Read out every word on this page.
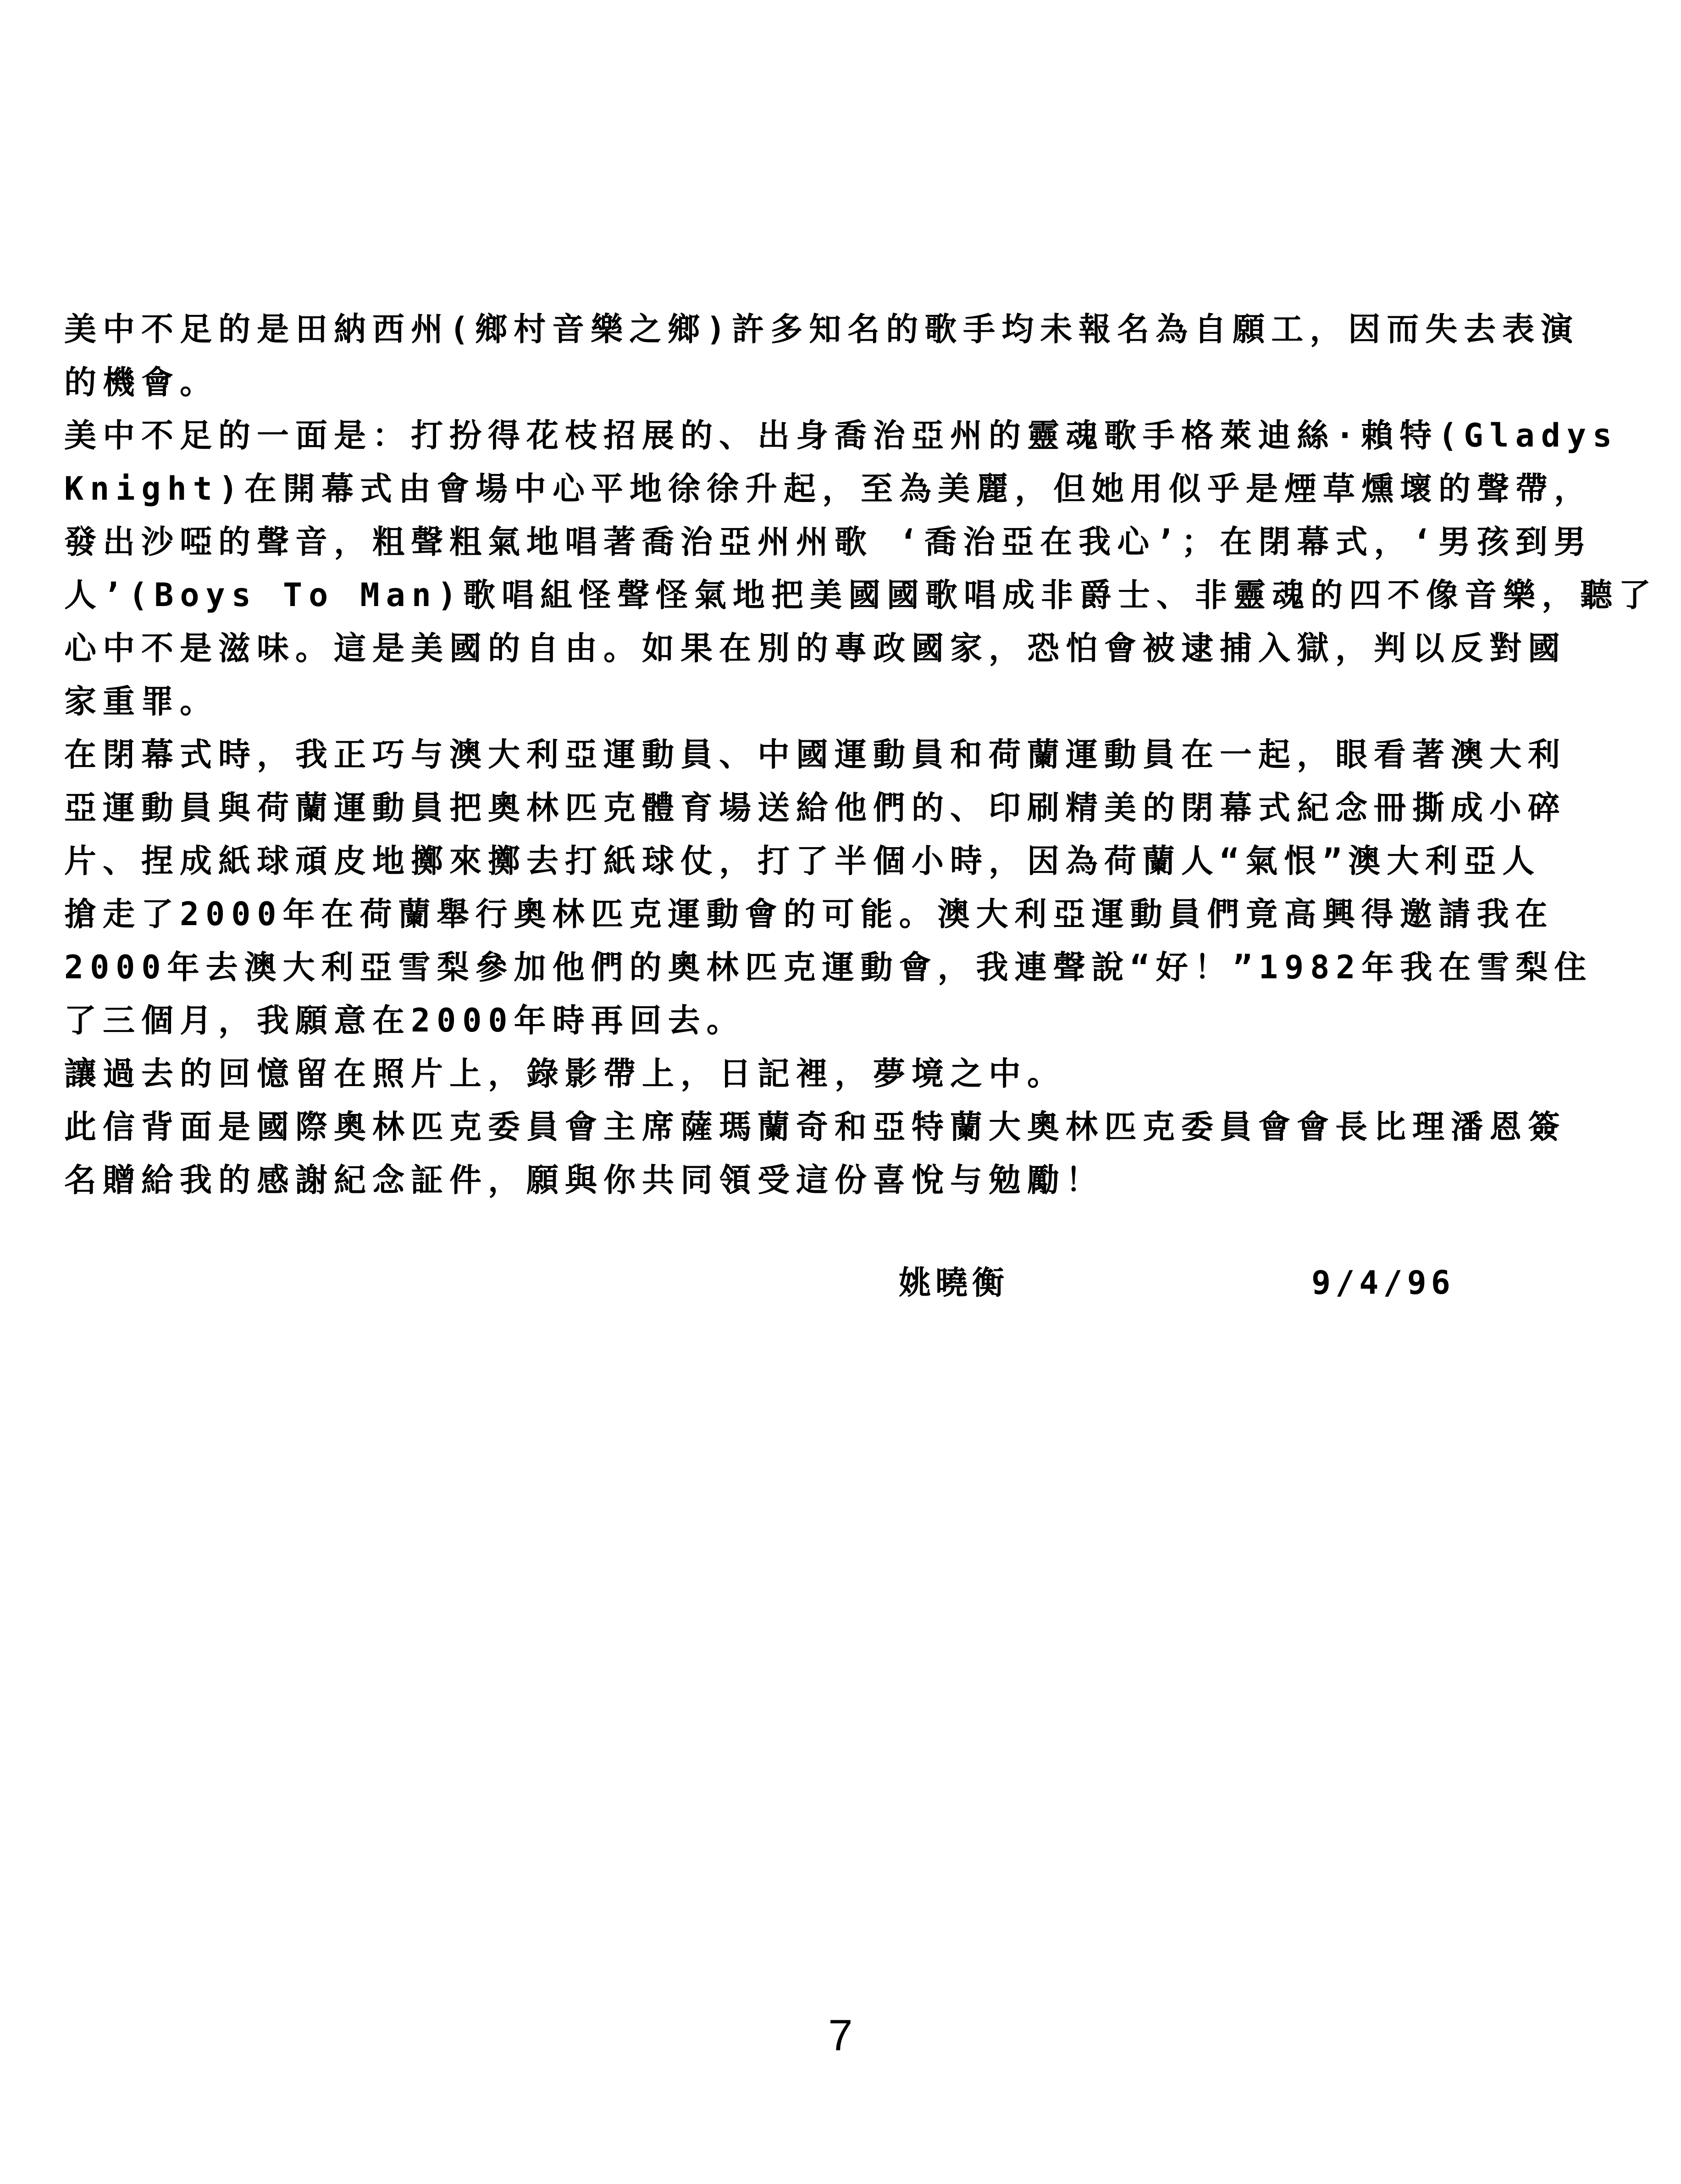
美中不足的是田納西州(鄉村音樂之鄉)許多知名的歌手均未報名為自願工，因而失去表演

的機會。

美中不足的一面是：打扮得花枝招展的、出身喬治亞州的靈魂歌手格萊迪絲·賴特(Gladys

Knight)在開幕式由會場中心平地徐徐升起，至為美麗，但她用似乎是煙草燻壞的聲帶，

發出沙啞的聲音，粗聲粗氣地唱著喬治亞州州歌 ‘喬治亞在我心’；在閉幕式，‘男孩到男

人’(Boys To Man)歌唱組怪聲怪氣地把美國國歌唱成非爵士、非靈魂的四不像音樂，聽了

心中不是滋味。這是美國的自由。如果在別的專政國家，恐怕會被逮捕入獄，判以反對國

家重罪。

在閉幕式時，我正巧与澳大利亞運動員、中國運動員和荷蘭運動員在一起，眼看著澳大利

亞運動員與荷蘭運動員把奧林匹克體育場送給他們的、印刷精美的閉幕式紀念冊撕成小碎

片、捏成紙球頑皮地擲來擲去打紙球仗，打了半個小時，因為荷蘭人“氣恨”澳大利亞人

搶走了2000年在荷蘭舉行奧林匹克運動會的可能。澳大利亞運動員們竟高興得邀請我在

2000年去澳大利亞雪梨參加他們的奧林匹克運動會，我連聲說“好！”1982年我在雪梨住

了三個月，我願意在2000年時再回去。

讓過去的回憶留在照片上，錄影帶上，日記裡，夢境之中。

此信背面是國際奧林匹克委員會主席薩瑪蘭奇和亞特蘭大奧林匹克委員會會長比理潘恩簽

名贈給我的感謝紀念証件，願與你共同領受這份喜悅与勉勵！

姚曉衡	9/4/96
7
